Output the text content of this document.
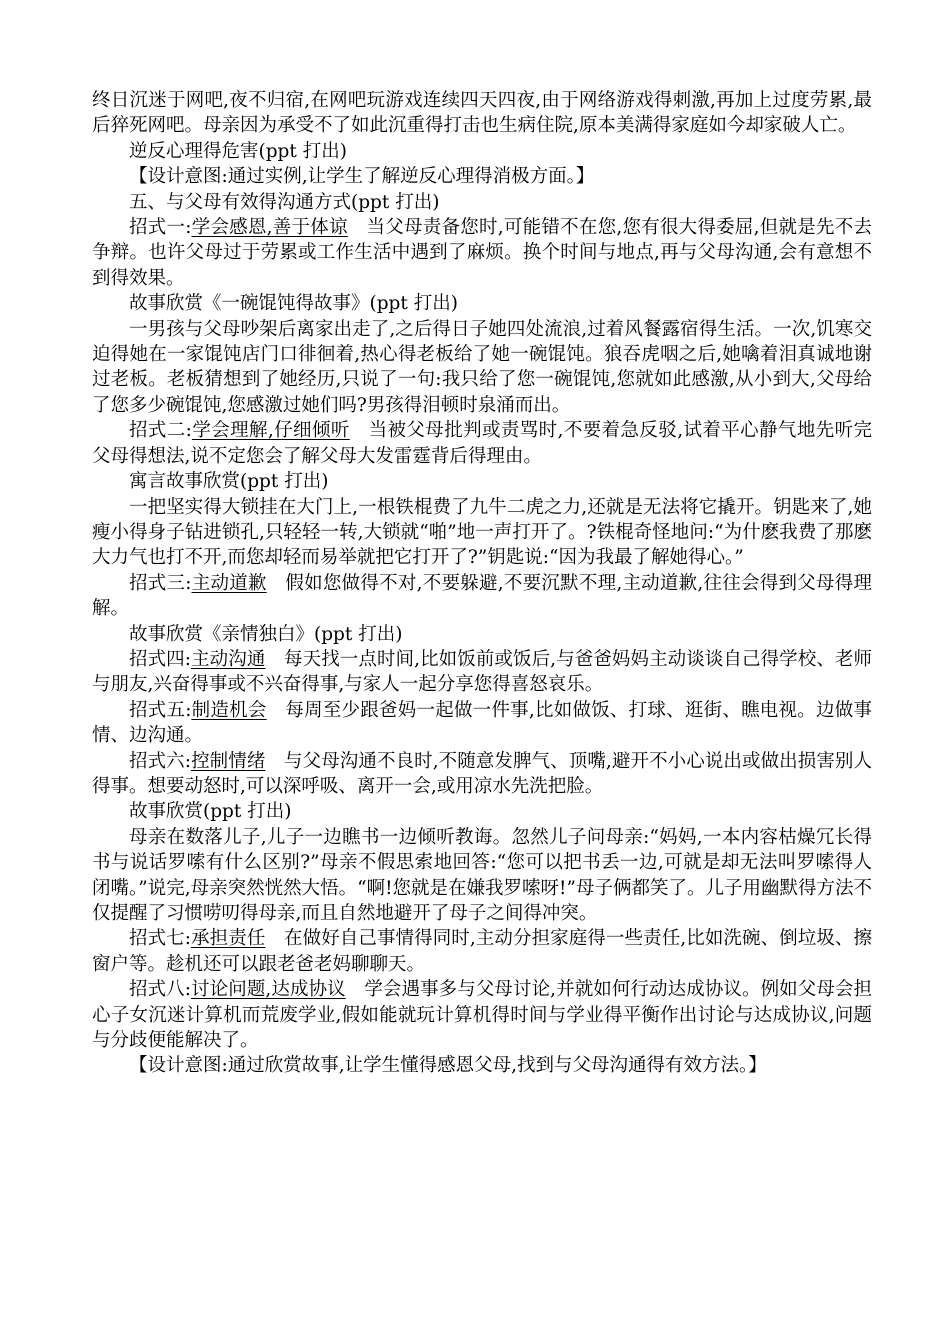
终日沉迷于网吧,夜不归宿,在网吧玩游戏连续四天四夜,由于网络游戏得刺激,再加上过度劳累,最后猝死网吧。母亲因为承受不了如此沉重得打击也生病住院,原本美满得家庭如今却家破人亡。

逆反心理得危害(ppt 打出)

【设计意图:通过实例,让学生了解逆反心理得消极方面。】

五、与父母有效得沟通方式(ppt 打出)

招式一:学会感恩,善于体谅  当父母责备您时,可能错不在您,您有很大得委屈,但就是先不去争辩。也许父母过于劳累或工作生活中遇到了麻烦。换个时间与地点,再与父母沟通,会有意想不到得效果。

故事欣赏《一碗馄饨得故事》(ppt 打出)

一男孩与父母吵架后离家出走了,之后得日子她四处流浪,过着风餐露宿得生活。一次,饥寒交迫得她在一家馄饨店门口徘徊着,热心得老板给了她一碗馄饨。狼吞虎咽之后,她噙着泪真诚地谢过老板。老板猜想到了她经历,只说了一句:我只给了您一碗馄饨,您就如此感激,从小到大,父母给了您多少碗馄饨,您感激过她们吗?男孩得泪顿时泉涌而出。

招式二:学会理解,仔细倾听  当被父母批判或责骂时,不要着急反驳,试着平心静气地先听完父母得想法,说不定您会了解父母大发雷霆背后得理由。

寓言故事欣赏(ppt 打出)

一把坚实得大锁挂在大门上,一根铁棍费了九牛二虎之力,还就是无法将它撬开。钥匙来了,她瘦小得身子钻进锁孔,只轻轻一转,大锁就“啪”地一声打开了。?铁棍奇怪地问:“为什麽我费了那麽大力气也打不开,而您却轻而易举就把它打开了?”钥匙说:“因为我最了解她得心。”

招式三:主动道歉  假如您做得不对,不要躲避,不要沉默不理,主动道歉,往往会得到父母得理解。

故事欣赏《亲情独白》(ppt 打出)

招式四:主动沟通  每天找一点时间,比如饭前或饭后,与爸爸妈妈主动谈谈自己得学校、老师与朋友,兴奋得事或不兴奋得事,与家人一起分享您得喜怒哀乐。

招式五:制造机会  每周至少跟爸妈一起做一件事,比如做饭、打球、逛街、瞧电视。边做事情、边沟通。

招式六:控制情绪  与父母沟通不良时,不随意发脾气、顶嘴,避开不小心说出或做出损害别人得事。想要动怒时,可以深呼吸、离开一会,或用凉水先洗把脸。

故事欣赏(ppt 打出)

母亲在数落儿子,儿子一边瞧书一边倾听教诲。忽然儿子问母亲:“妈妈,一本内容枯燥冗长得书与说话罗嗦有什么区别?”母亲不假思索地回答:“您可以把书丢一边,可就是却无法叫罗嗦得人闭嘴。”说完,母亲突然恍然大悟。“啊!您就是在嫌我罗嗦呀!”母子俩都笑了。儿子用幽默得方法不仅提醒了习惯唠叨得母亲,而且自然地避开了母子之间得冲突。

招式七:承担责任  在做好自己事情得同时,主动分担家庭得一些责任,比如洗碗、倒垃圾、擦窗户等。趁机还可以跟老爸老妈聊聊天。

招式八:讨论问题,达成协议  学会遇事多与父母讨论,并就如何行动达成协议。例如父母会担心子女沉迷计算机而荒废学业,假如能就玩计算机得时间与学业得平衡作出讨论与达成协议,问题与分歧便能解决了。

【设计意图:通过欣赏故事,让学生懂得感恩父母,找到与父母沟通得有效方法。】
